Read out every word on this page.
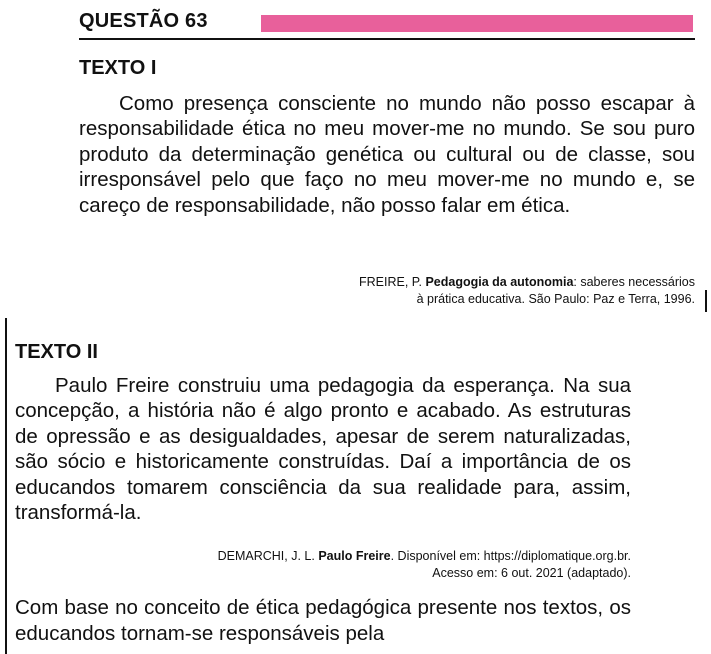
QUESTÃO 63
TEXTO I
Como presença consciente no mundo não posso escapar à responsabilidade ética no meu mover-me no mundo. Se sou puro produto da determinação genética ou cultural ou de classe, sou irresponsável pelo que faço no meu mover-me no mundo e, se careço de responsabilidade, não posso falar em ética.
FREIRE, P. Pedagogia da autonomia: saberes necessários
à prática educativa. São Paulo: Paz e Terra, 1996.
TEXTO II
Paulo Freire construiu uma pedagogia da esperança. Na sua concepção, a história não é algo pronto e acabado. As estruturas de opressão e as desigualdades, apesar de serem naturalizadas, são sócio e historicamente construídas. Daí a importância de os educandos tomarem consciência da sua realidade para, assim, transformá-la.
DEMARCHI, J. L. Paulo Freire. Disponível em: https://diplomatique.org.br.
Acesso em: 6 out. 2021 (adaptado).
Com base no conceito de ética pedagógica presente nos textos, os educandos tornam-se responsáveis pela
